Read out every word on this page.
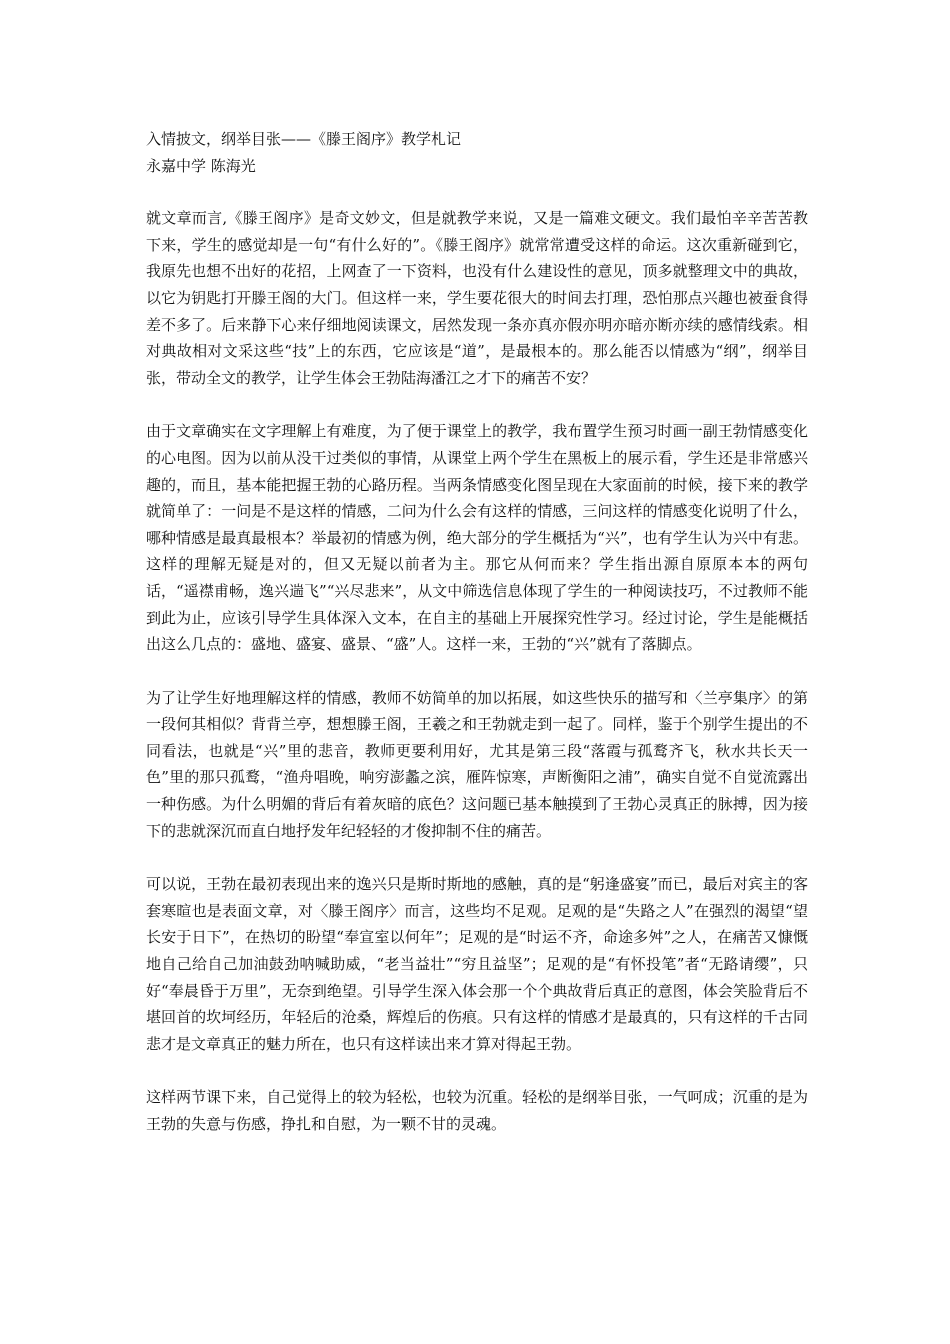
入情披文，纲举目张——《滕王阁序》教学札记

永嘉中学 陈海光

就文章而言,《滕王阁序》是奇文妙文，但是就教学来说，又是一篇难文硬文。我们最怕辛辛苦苦教下来，学生的感觉却是一句“有什么好的”。《滕王阁序》就常常遭受这样的命运。这次重新碰到它，我原先也想不出好的花招，上网查了一下资料，也没有什么建设性的意见，顶多就整理文中的典故，以它为钥匙打开滕王阁的大门。但这样一来，学生要花很大的时间去打理，恐怕那点兴趣也被蚕食得差不多了。后来静下心来仔细地阅读课文，居然发现一条亦真亦假亦明亦暗亦断亦续的感情线索。相对典故相对文采这些“技”上的东西，它应该是“道”，是最根本的。那么能否以情感为“纲”，纲举目张，带动全文的教学，让学生体会王勃陆海潘江之才下的痛苦不安？

由于文章确实在文字理解上有难度，为了便于课堂上的教学，我布置学生预习时画一副王勃情感变化的心电图。因为以前从没干过类似的事情，从课堂上两个学生在黑板上的展示看，学生还是非常感兴趣的，而且，基本能把握王勃的心路历程。当两条情感变化图呈现在大家面前的时候，接下来的教学就简单了：一问是不是这样的情感，二问为什么会有这样的情感，三问这样的情感变化说明了什么，哪种情感是最真最根本？举最初的情感为例，绝大部分的学生概括为“兴”，也有学生认为兴中有悲。这样的理解无疑是对的，但又无疑以前者为主。那它从何而来？学生指出源自原原本本的两句话，“遥襟甫畅，逸兴遄飞”“兴尽悲来”，从文中筛选信息体现了学生的一种阅读技巧，不过教师不能到此为止，应该引导学生具体深入文本，在自主的基础上开展探究性学习。经过讨论，学生是能概括出这么几点的：盛地、盛宴、盛景、“盛”人。这样一来，王勃的“兴”就有了落脚点。

为了让学生好地理解这样的情感，教师不妨简单的加以拓展，如这些快乐的描写和〈兰亭集序〉的第一段何其相似？背背兰亭，想想滕王阁，王羲之和王勃就走到一起了。同样，鉴于个别学生提出的不同看法，也就是“兴”里的悲音，教师更要利用好，尤其是第三段“落霞与孤鹜齐飞，秋水共长天一色”里的那只孤鹜，“渔舟唱晚，响穷澎蠡之滨，雁阵惊寒，声断衡阳之浦”，确实自觉不自觉流露出一种伤感。为什么明媚的背后有着灰暗的底色？这问题已基本触摸到了王勃心灵真正的脉搏，因为接下的悲就深沉而直白地抒发年纪轻轻的才俊抑制不住的痛苦。

可以说，王勃在最初表现出来的逸兴只是斯时斯地的感触，真的是“躬逢盛宴”而已，最后对宾主的客套寒暄也是表面文章，对〈滕王阁序〉而言，这些均不足观。足观的是“失路之人”在强烈的渴望“望长安于日下”，在热切的盼望“奉宣室以何年”；足观的是“时运不齐，命途多舛”之人，在痛苦又慷慨地自己给自己加油鼓劲呐喊助威，“老当益壮”“穷且益坚”；足观的是“有怀投笔”者“无路请缨”，只好“奉晨昏于万里”，无奈到绝望。引导学生深入体会那一个个典故背后真正的意图，体会笑脸背后不堪回首的坎坷经历，年轻后的沧桑，辉煌后的伤痕。只有这样的情感才是最真的，只有这样的千古同悲才是文章真正的魅力所在，也只有这样读出来才算对得起王勃。

这样两节课下来，自己觉得上的较为轻松，也较为沉重。轻松的是纲举目张，一气呵成；沉重的是为王勃的失意与伤感，挣扎和自慰，为一颗不甘的灵魂。
